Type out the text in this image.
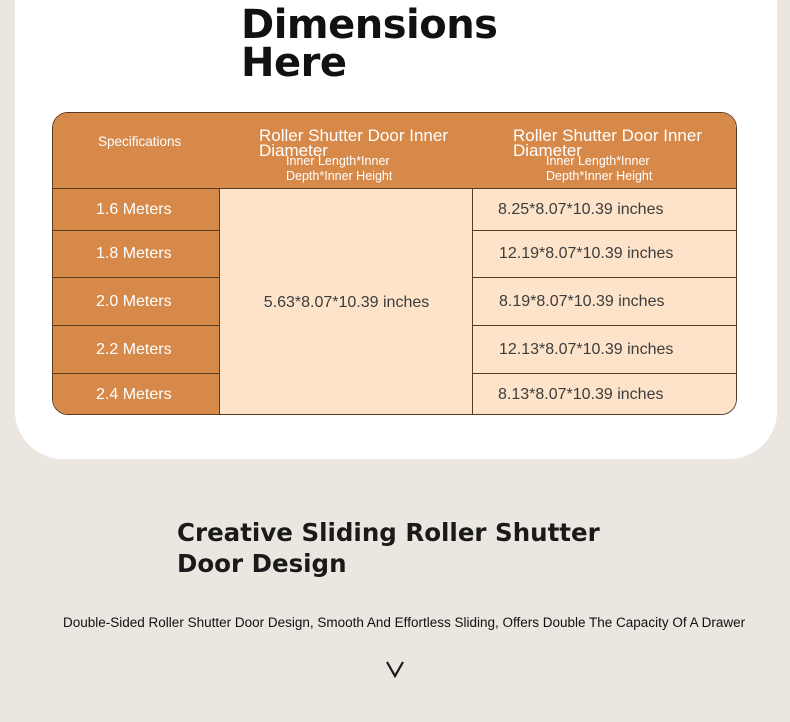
Dimensions
Here
Specifications	Roller Shutter Door Inner Diameter
Inner Length*Inner Depth*Inner Height
Roller Shutter Door Inner Diameter
Inner Length*Inner Depth*Inner Height
1.6 Meters
1.8 Meters
2.0 Meters
2.2 Meters
2.4 Meters
5.63*8.07*10.39 inches
8.25*8.07*10.39 inches
12.19*8.07*10.39 inches
8.19*8.07*10.39 inches
12.13*8.07*10.39 inches
8.13*8.07*10.39 inches
Creative Sliding Roller Shutter
Door Design
Double-Sided Roller Shutter Door Design, Smooth And Effortless Sliding, Offers Double The Capacity Of A Drawer
